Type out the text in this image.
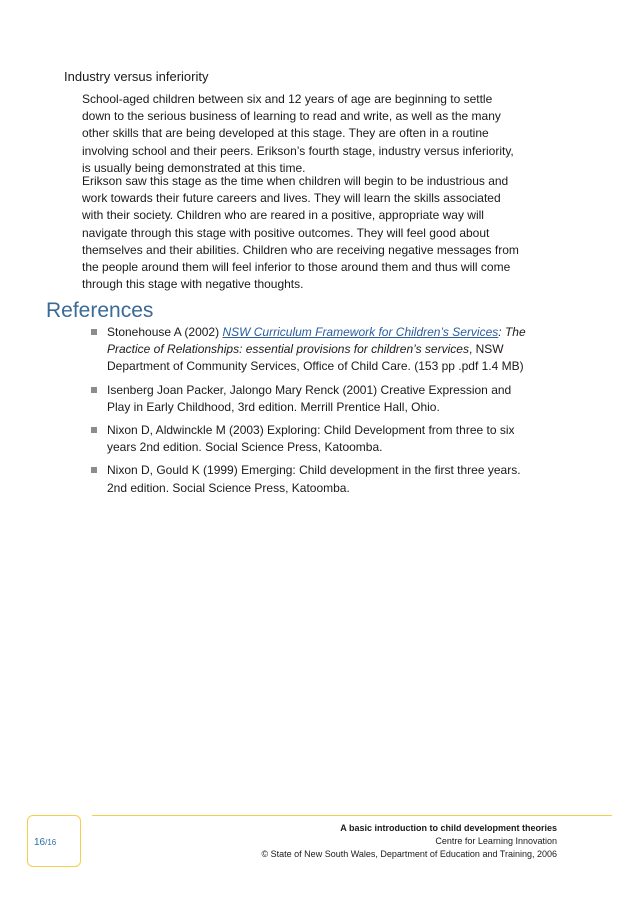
Industry versus inferiority

School-aged children between six and 12 years of age are beginning to settle down to the serious business of learning to read and write, as well as the many other skills that are being developed at this stage. They are often in a routine involving school and their peers. Erikson’s fourth stage, industry versus inferiority, is usually being demonstrated at this time.

Erikson saw this stage as the time when children will begin to be industrious and work towards their future careers and lives. They will learn the skills associated with their society. Children who are reared in a positive, appropriate way will navigate through this stage with positive outcomes. They will feel good about themselves and their abilities. Children who are receiving negative messages from the people around them will feel inferior to those around them and thus will come through this stage with negative thoughts.

References
Stonehouse A (2002) NSW Curriculum Framework for Children’s Services: The Practice of Relationships: essential provisions for children’s services, NSW Department of Community Services, Office of Child Care. (153 pp .pdf 1.4 MB)
Isenberg Joan Packer, Jalongo Mary Renck (2001) Creative Expression and Play in Early Childhood, 3rd edition. Merrill Prentice Hall, Ohio.
Nixon D, Aldwinckle M (2003) Exploring: Child Development from three to six years 2nd edition. Social Science Press, Katoomba.
Nixon D, Gould K (1999) Emerging: Child development in the first three years. 2nd edition. Social Science Press, Katoomba.
16/16
A basic introduction to child development theories
Centre for Learning Innovation
© State of New South Wales, Department of Education and Training, 2006
